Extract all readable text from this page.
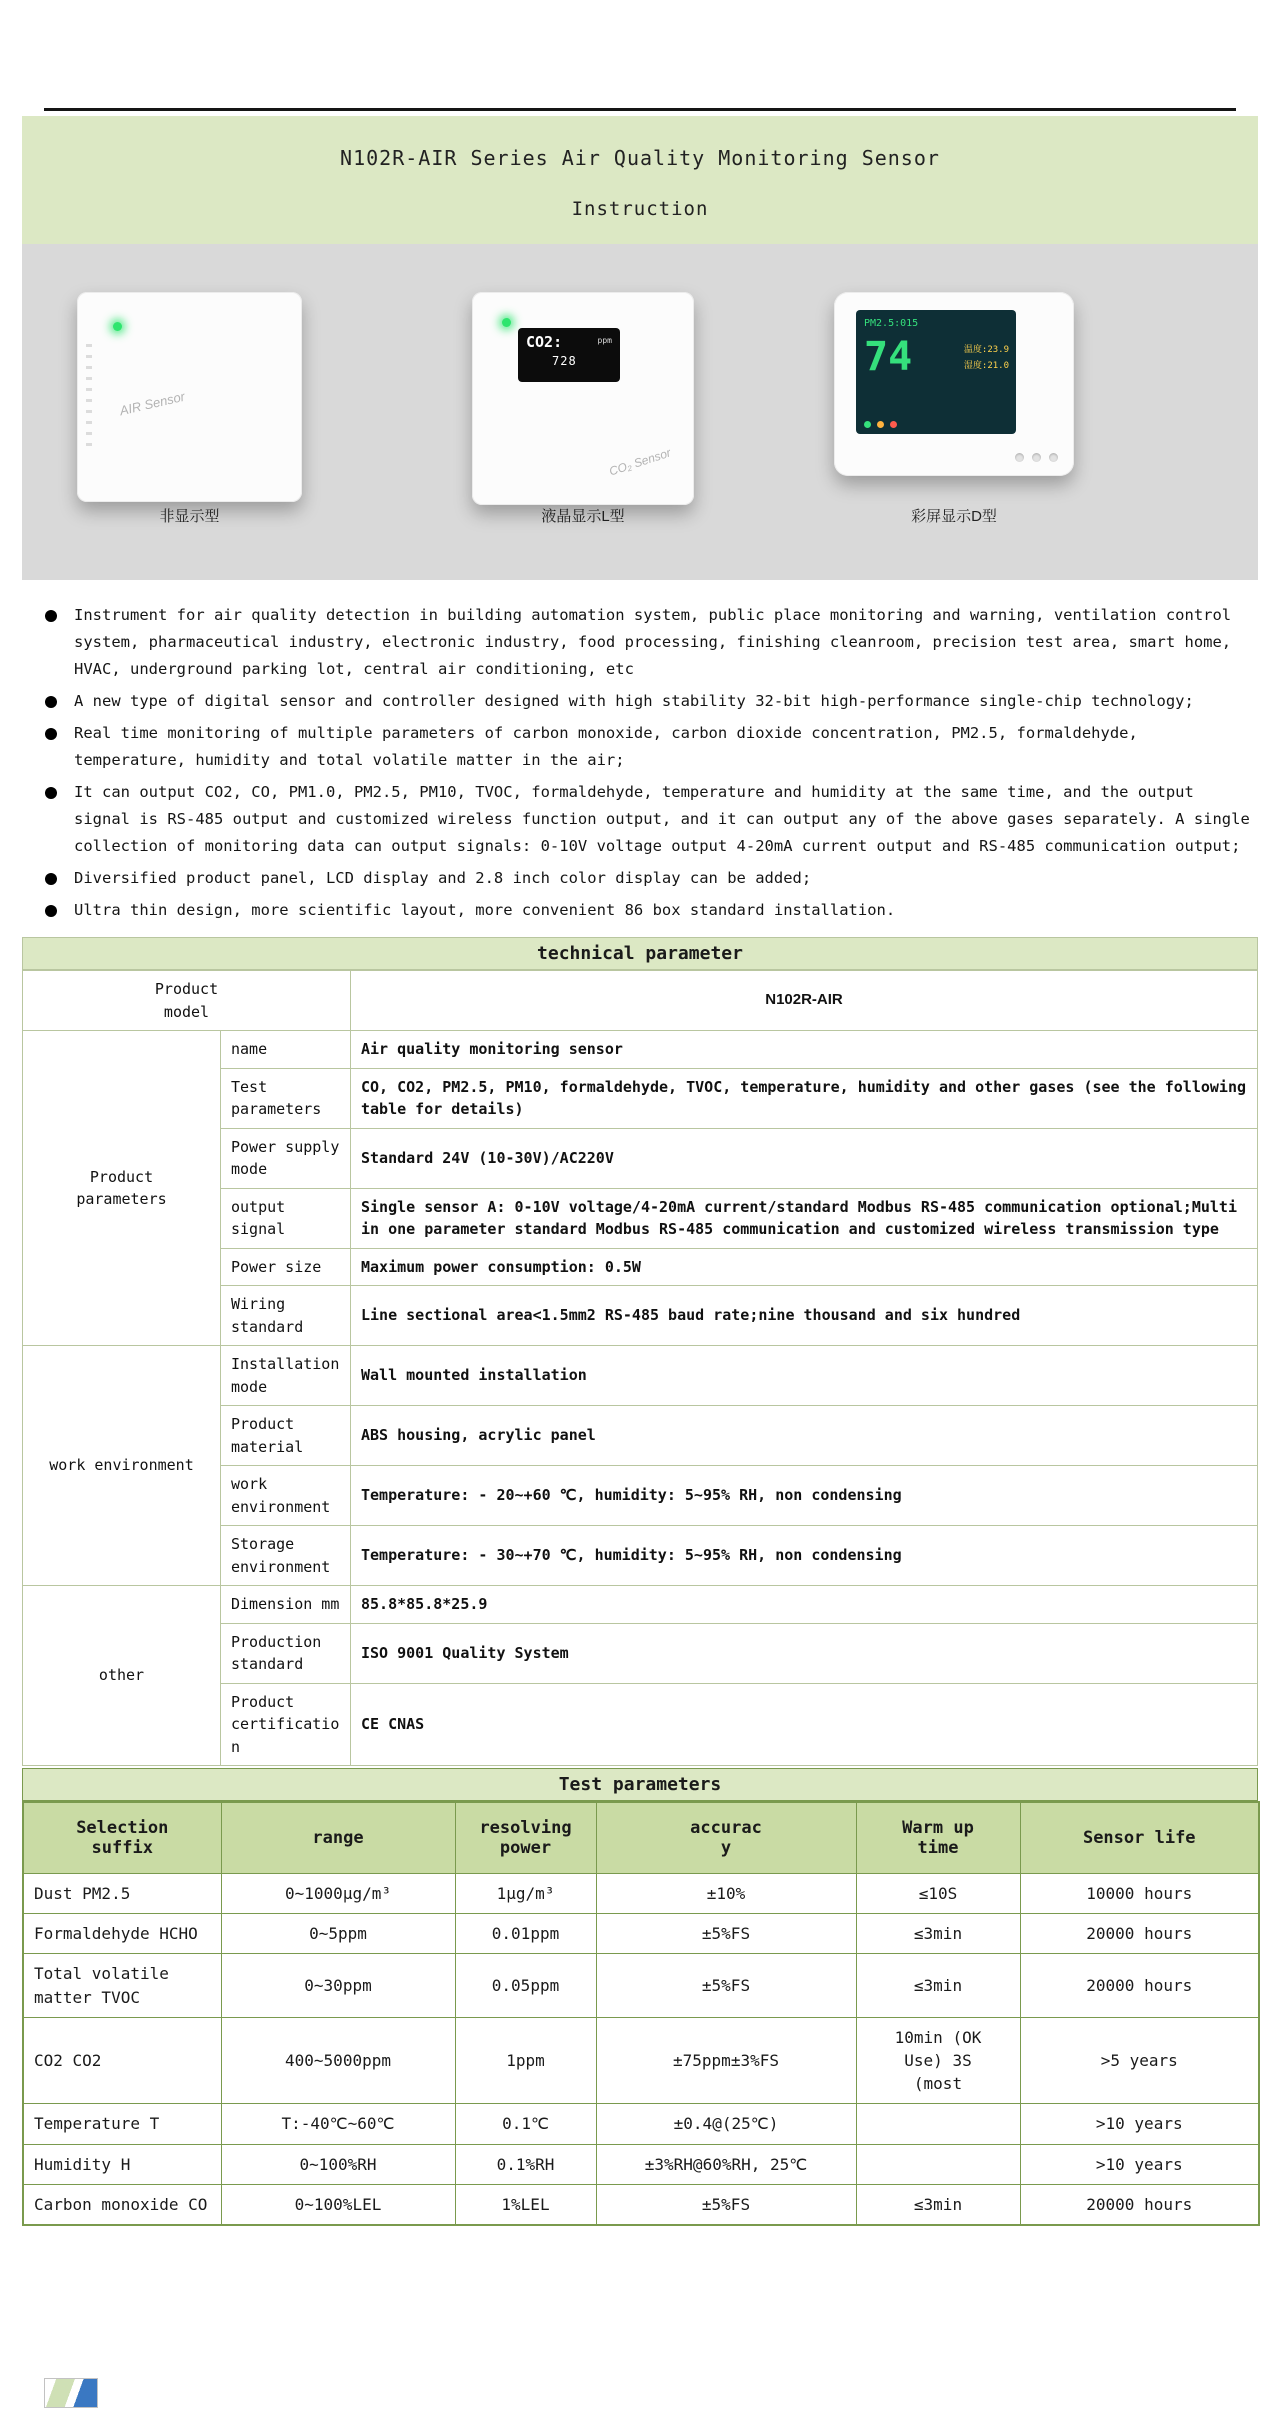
N102R-AIR Series Air Quality Monitoring Sensor
Instruction
AIR Sensor
非显示型
CO2:	ppm
728
CO₂ Sensor
液晶显示L型
PM2.5:015
74	温度:23.9
湿度:21.0
彩屏显示D型
Instrument for air quality detection in building automation system, public place monitoring and warning, ventilation control system, pharmaceutical industry, electronic industry, food processing, finishing cleanroom, precision test area, smart home, HVAC, underground parking lot, central air conditioning, etc
A new type of digital sensor and controller designed with high stability 32-bit high-performance single-chip technology;
Real time monitoring of multiple parameters of carbon monoxide, carbon dioxide concentration, PM2.5, formaldehyde, temperature, humidity and total volatile matter in the air;
It can output CO2, CO, PM1.0, PM2.5, PM10, TVOC, formaldehyde, temperature and humidity at the same time, and the output signal is RS-485 output and customized wireless function output, and it can output any of the above gases separately. A single collection of monitoring data can output signals: 0-10V voltage output 4-20mA current output and RS-485 communication output;
Diversified product panel, LCD display and 2.8 inch color display can be added;
Ultra thin design, more scientific layout, more convenient 86 box standard installation.
technical parameter
Product model		N102R-AIR
Product parameters	name	Air quality monitoring sensor
	Test parameters	CO, CO2, PM2.5, PM10, formaldehyde, TVOC, temperature, humidity and other gases (see the following table for details)
	Power supply mode	Standard 24V (10-30V)/AC220V
	output signal	Single sensor A: 0-10V voltage/4-20mA current/standard Modbus RS-485 communication optional;Multi in one parameter standard Modbus RS-485 communication and customized wireless transmission type
	Power size	Maximum power consumption: 0.5W
	Wiring standard	Line sectional area<1.5mm2 RS-485 baud rate;nine thousand and six hundred
work environment	Installation mode	Wall mounted installation
	Product material	ABS housing, acrylic panel
	work environment	Temperature: - 20~+60 ℃, humidity: 5~95% RH, non condensing
	Storage environment	Temperature: - 30~+70 ℃, humidity: 5~95% RH, non condensing
other	Dimension mm	85.8*85.8*25.9
	Production standard	ISO 9001 Quality System
	Product certification	CE CNAS
Test parameters
Selection suffix	range	resolving power	accuracy	Warm up time	Sensor life
Dust PM2.5	0~1000μg/m³	1μg/m³	±10%	≤10S	10000 hours
Formaldehyde HCHO	0~5ppm	0.01ppm	±5%FS	≤3min	20000 hours
Total volatile matter TVOC	0~30ppm	0.05ppm	±5%FS	≤3min	20000 hours
CO2 CO2	400~5000ppm	1ppm	±75ppm±3%FS	10min (OK Use) 3S (most	>5 years
Temperature T	T:-40℃~60℃	0.1℃	±0.4@(25℃)		>10 years
Humidity H	0~100%RH	0.1%RH	±3%RH@60%RH, 25℃		>10 years
Carbon monoxide CO	0~100%LEL	1%LEL	±5%FS	≤3min	20000 hours
